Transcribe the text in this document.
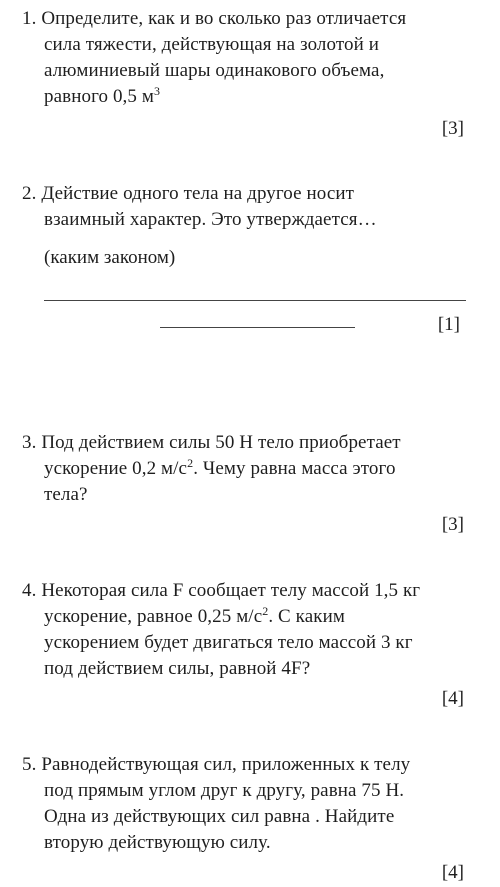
1. Определите, как и во сколько раз отличается
сила тяжести, действующая на золотой и
алюминиевый шары одинакового объема,
равного 0,5 $м^3$

[3]

2. Действие одного тела на другое носит
взаимный характер. Это утверждается…

(каким законом)
[1]

3. Под действием силы 50 Н тело приобретает
ускорение 0,2 $м/с^2$. Чему равна масса этого
тела?

[3]

4. Некоторая сила F сообщает телу массой 1,5 кг
ускорение, равное 0,25 $м/с^2$. С каким
ускорением будет двигаться тело массой 3 кг
под действием силы, равной 4F?

[4]

5. Равнодействующая сил, приложенных к телу
под прямым углом друг к другу, равна 75 Н.
Одна из действующих сил равна . Найдите
вторую действующую силу.

[4]
